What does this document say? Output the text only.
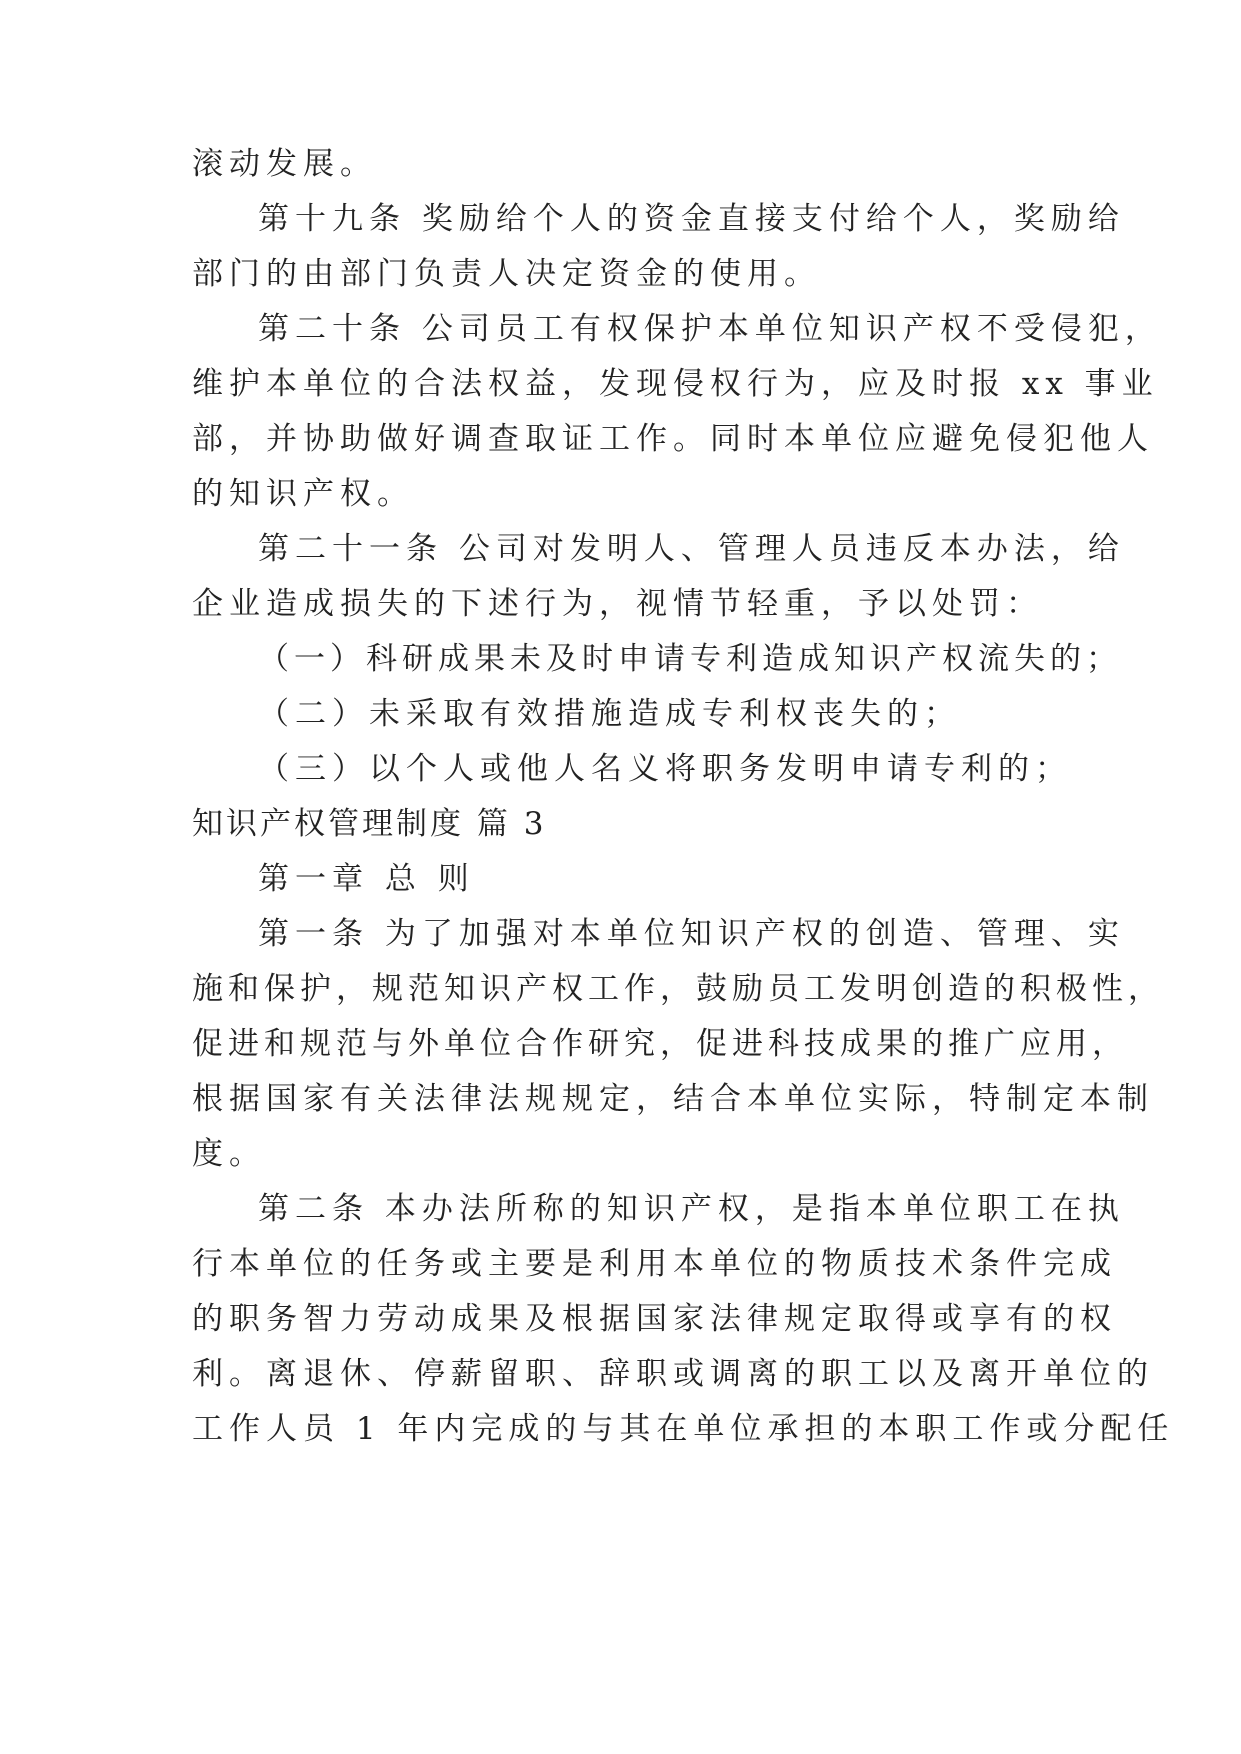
滚动发展。
第十九条 奖励给个人的资金直接支付给个人，奖励给
部门的由部门负责人决定资金的使用。
第二十条 公司员工有权保护本单位知识产权不受侵犯，
维护本单位的合法权益，发现侵权行为，应及时报 xx 事业
部，并协助做好调查取证工作。同时本单位应避免侵犯他人
的知识产权。
第二十一条 公司对发明人、管理人员违反本办法，给
企业造成损失的下述行为，视情节轻重，予以处罚：
（一）科研成果未及时申请专利造成知识产权流失的；
（二）未采取有效措施造成专利权丧失的；
（三）以个人或他人名义将职务发明申请专利的；
知识产权管理制度 篇 3
第一章 总 则
第一条 为了加强对本单位知识产权的创造、管理、实
施和保护，规范知识产权工作，鼓励员工发明创造的积极性，
促进和规范与外单位合作研究，促进科技成果的推广应用，
根据国家有关法律法规规定，结合本单位实际，特制定本制
度。
第二条 本办法所称的知识产权，是指本单位职工在执
行本单位的任务或主要是利用本单位的物质技术条件完成
的职务智力劳动成果及根据国家法律规定取得或享有的权
利。离退休、停薪留职、辞职或调离的职工以及离开单位的
工作人员 1 年内完成的与其在单位承担的本职工作或分配任
